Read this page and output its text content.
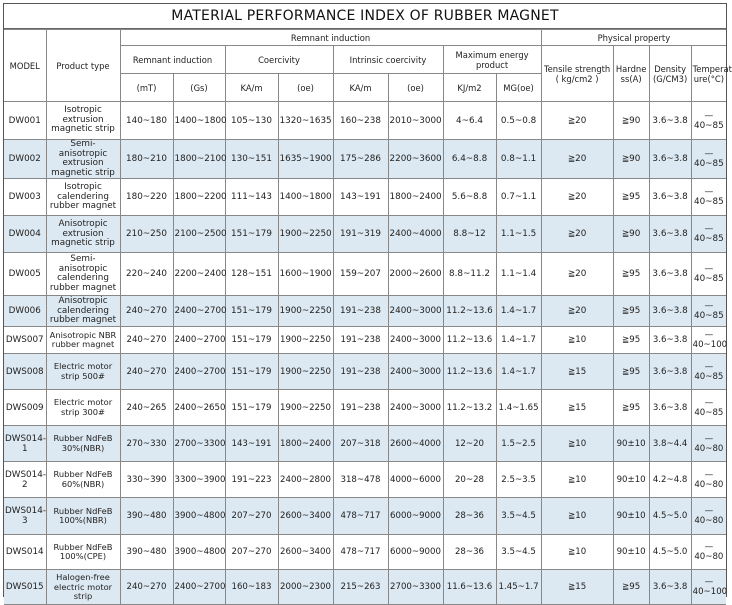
MATERIAL PERFORMANCE INDEX OF RUBBER MAGNET
MODEL	Product type	Remnant induction								Physical property			
		Remnant induction		Coercivity		Intrinsic coercivity		Maximum energy product		Tensile strength ( kg/cm2 )	Hardne ss(A)	Density (G/CM3)	Temperat ure(°C)
		(mT)	(Gs)	KA/m	(oe)	KA/m	(oe)	KJ/m2	MG(oe)				
DW001	Isotropic extrusion magnetic strip	140~180	1400~1800	105~130	1320~1635	160~238	2010~3000	4~6.4	0.5~0.8	≧20	≧90	3.6~3.8	—40~85
DW002	Semi-anisotropic extrusion magnetic strip	180~210	1800~2100	130~151	1635~1900	175~286	2200~3600	6.4~8.8	0.8~1.1	≧20	≧90	3.6~3.8	—40~85
DW003	Isotropic calendering rubber magnet	180~220	1800~2200	111~143	1400~1800	143~191	1800~2400	5.6~8.8	0.7~1.1	≧20	≧95	3.6~3.8	—40~85
DW004	Anisotropic extrusion magnetic strip	210~250	2100~2500	151~179	1900~2250	191~319	2400~4000	8.8~12	1.1~1.5	≧20	≧90	3.6~3.8	—40~85
DW005	Semi-anisotropic calendering rubber magnet	220~240	2200~2400	128~151	1600~1900	159~207	2000~2600	8.8~11.2	1.1~1.4	≧20	≧95	3.6~3.8	—40~85
DW006	Anisotropic calendering rubber magnet	240~270	2400~2700	151~179	1900~2250	191~238	2400~3000	11.2~13.6	1.4~1.7	≧20	≧95	3.6~3.8	—40~85
DWS007	Anisotropic NBR rubber magnet	240~270	2400~2700	151~179	1900~2250	191~238	2400~3000	11.2~13.6	1.4~1.7	≧10	≧95	3.6~3.8	—40~100
DWS008	Electric motor strip 500#	240~270	2400~2700	151~179	1900~2250	191~238	2400~3000	11.2~13.6	1.4~1.7	≧15	≧95	3.6~3.8	—40~85
DWS009	Electric motor strip 300#	240~265	2400~2650	151~179	1900~2250	191~238	2400~3000	11.2~13.2	1.4~1.65	≧15	≧95	3.6~3.8	—40~85
DWS014-1	Rubber NdFeB 30%(NBR)	270~330	2700~3300	143~191	1800~2400	207~318	2600~4000	12~20	1.5~2.5	≧10	90±10	3.8~4.4	—40~80
DWS014-2	Rubber NdFeB 60%(NBR)	330~390	3300~3900	191~223	2400~2800	318~478	4000~6000	20~28	2.5~3.5	≧10	90±10	4.2~4.8	—40~80
DWS014-3	Rubber NdFeB 100%(NBR)	390~480	3900~4800	207~270	2600~3400	478~717	6000~9000	28~36	3.5~4.5	≧10	90±10	4.5~5.0	—40~80
DWS014	Rubber NdFeB 100%(CPE)	390~480	3900~4800	207~270	2600~3400	478~717	6000~9000	28~36	3.5~4.5	≧10	90±10	4.5~5.0	—40~80
DWS015	Halogen-free electric motor strip	240~270	2400~2700	160~183	2000~2300	215~263	2700~3300	11.6~13.6	1.45~1.7	≧15	≧95	3.6~3.8	—40~100
